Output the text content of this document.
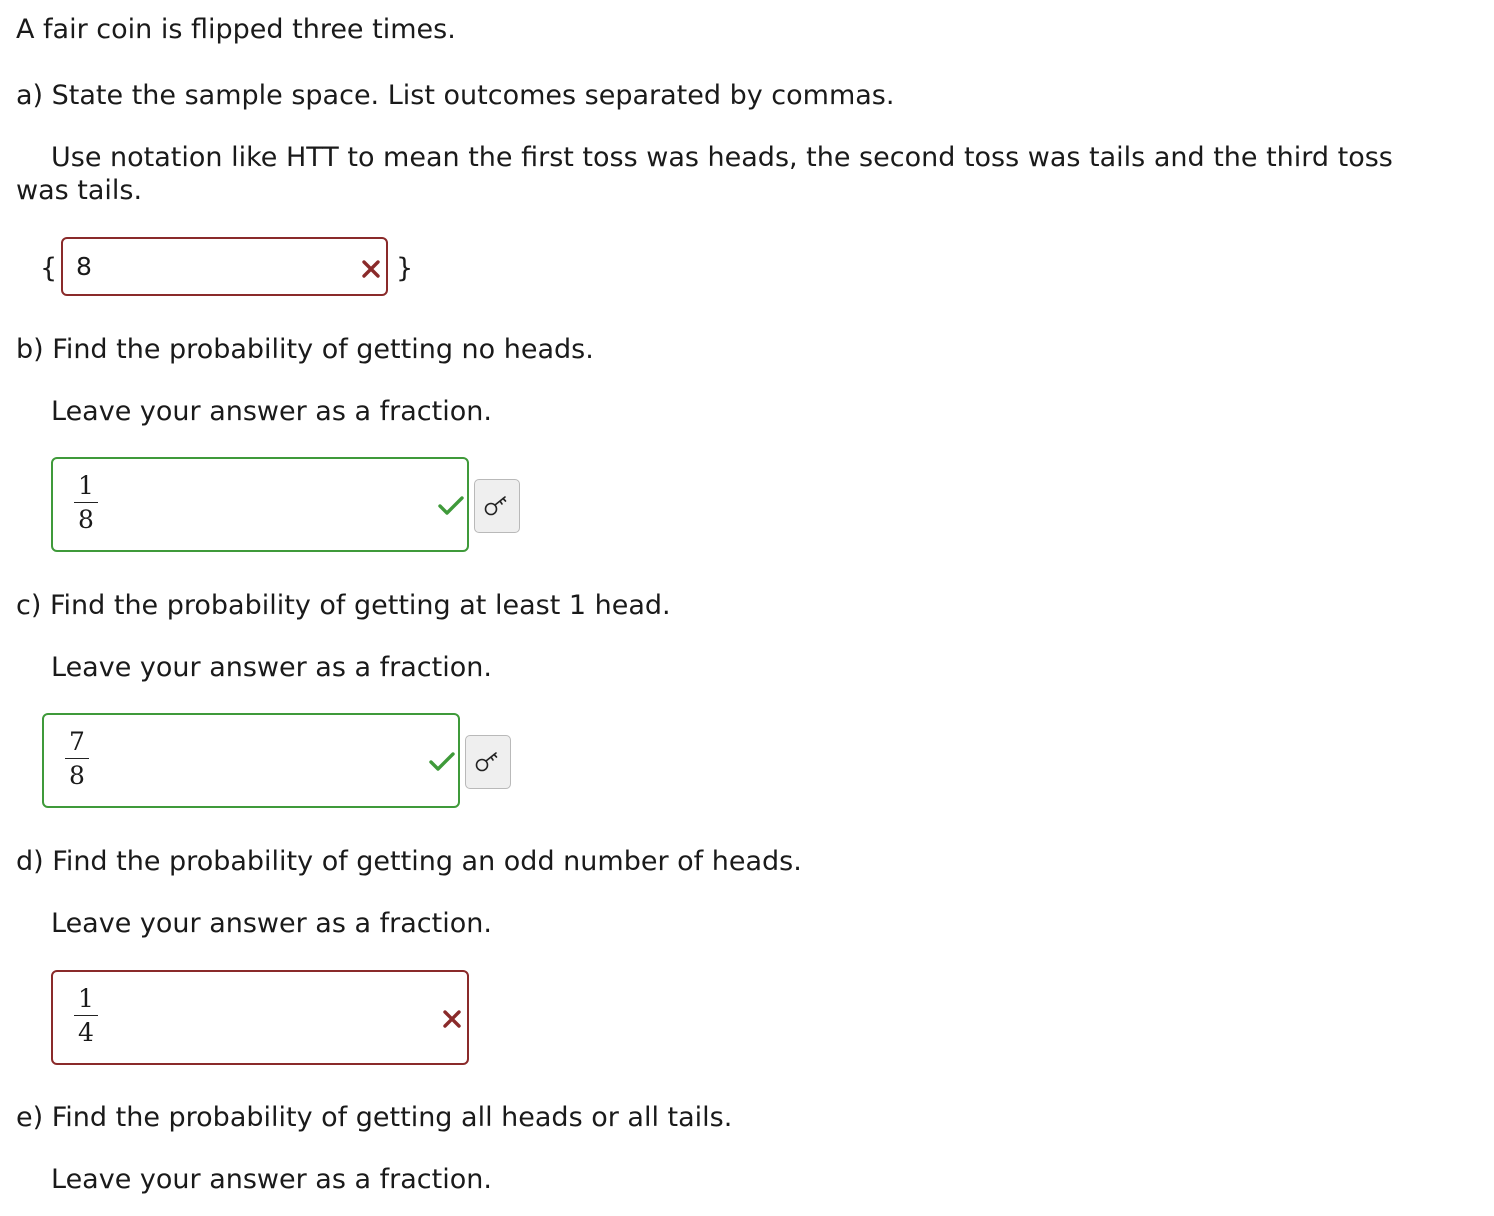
A fair coin is flipped three times.
a) State the sample space. List outcomes separated by commas.
Use notation like HTT to mean the first toss was heads, the second toss was tails and the third toss was tails.
{ 8	}
b) Find the probability of getting no heads.
Leave your answer as a fraction.
1
8
c) Find the probability of getting at least 1 head.
Leave your answer as a fraction.
7
8
d) Find the probability of getting an odd number of heads.
Leave your answer as a fraction.
1
4
e) Find the probability of getting all heads or all tails.
Leave your answer as a fraction.
